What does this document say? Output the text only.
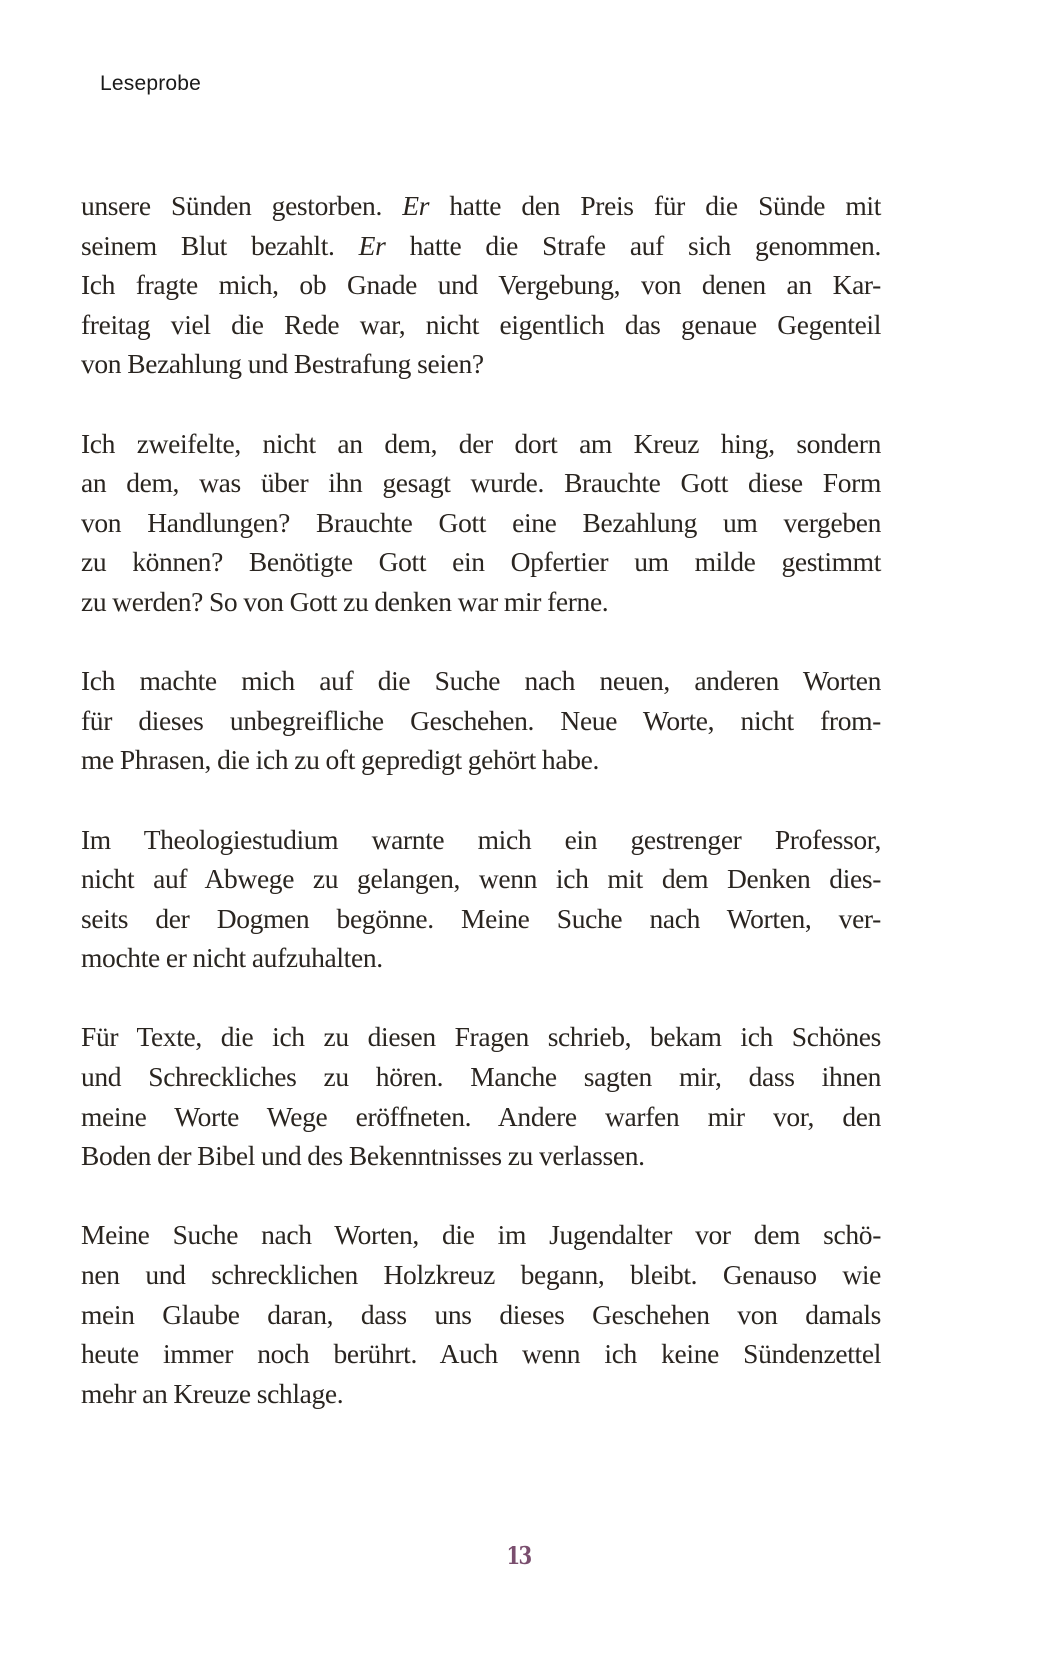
Leseprobe

unsere Sünden gestorben. Er hatte den Preis für die Sünde mit
seinem Blut bezahlt. Er hatte die Strafe auf sich genommen.
Ich fragte mich, ob Gnade und Vergebung, von denen an Kar-
freitag viel die Rede war, nicht eigentlich das genaue Gegenteil
von Bezahlung und Bestrafung seien?

Ich zweifelte, nicht an dem, der dort am Kreuz hing, sondern
an dem, was über ihn gesagt wurde. Brauchte Gott diese Form
von Handlungen? Brauchte Gott eine Bezahlung um vergeben
zu können? Benötigte Gott ein Opfertier um milde gestimmt
zu werden? So von Gott zu denken war mir ferne.

Ich machte mich auf die Suche nach neuen, anderen Worten
für dieses unbegreifliche Geschehen. Neue Worte, nicht from-
me Phrasen, die ich zu oft gepredigt gehört habe.

Im Theologiestudium warnte mich ein gestrenger Professor,
nicht auf Abwege zu gelangen, wenn ich mit dem Denken dies-
seits der Dogmen begönne. Meine Suche nach Worten, ver-
mochte er nicht aufzuhalten.

Für Texte, die ich zu diesen Fragen schrieb, bekam ich Schönes
und Schreckliches zu hören. Manche sagten mir, dass ihnen
meine Worte Wege eröffneten. Andere warfen mir vor, den
Boden der Bibel und des Bekenntnisses zu verlassen.

Meine Suche nach Worten, die im Jugendalter vor dem schö-
nen und schrecklichen Holzkreuz begann, bleibt. Genauso wie
mein Glaube daran, dass uns dieses Geschehen von damals
heute immer noch berührt. Auch wenn ich keine Sündenzettel
mehr an Kreuze schlage.

13
